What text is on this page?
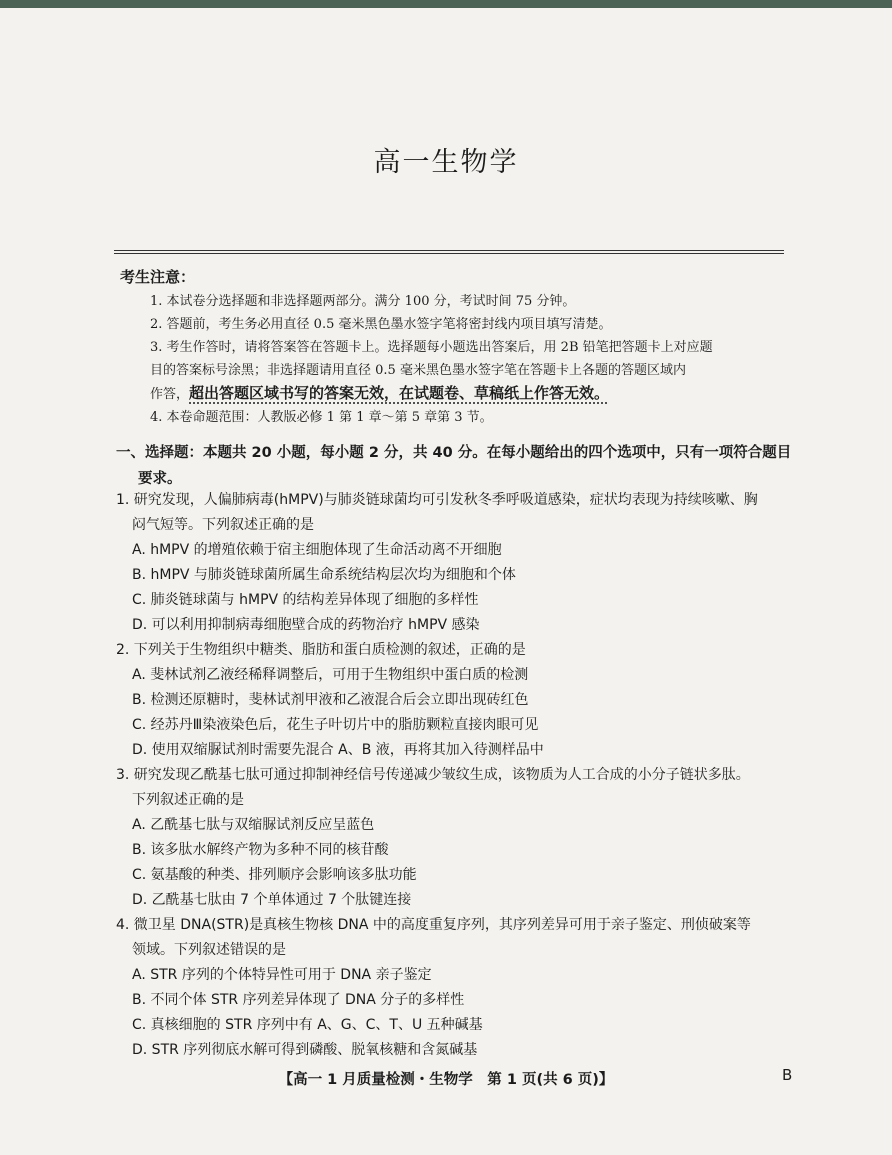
高一生物学
考生注意：

1. 本试卷分选择题和非选择题两部分。满分 100 分，考试时间 75 分钟。

2. 答题前，考生务必用直径 0.5 毫米黑色墨水签字笔将密封线内项目填写清楚。

3. 考生作答时，请将答案答在答题卡上。选择题每小题选出答案后，用 2B 铅笔把答题卡上对应题

目的答案标号涂黑；非选择题请用直径 0.5 毫米黑色墨水签字笔在答题卡上各题的答题区域内

作答，超出答题区域书写的答案无效，在试题卷、草稿纸上作答无效。

4. 本卷命题范围：人教版必修 1 第 1 章～第 5 章第 3 节。

一、选择题：本题共 20 小题，每小题 2 分，共 40 分。在每小题给出的四个选项中，只有一项符合题目
要求。
1. 研究发现，人偏肺病毒(hMPV)与肺炎链球菌均可引发秋冬季呼吸道感染，症状均表现为持续咳嗽、胸
闷气短等。下列叙述正确的是
A. hMPV 的增殖依赖于宿主细胞体现了生命活动离不开细胞
B. hMPV 与肺炎链球菌所属生命系统结构层次均为细胞和个体
C. 肺炎链球菌与 hMPV 的结构差异体现了细胞的多样性
D. 可以利用抑制病毒细胞壁合成的药物治疗 hMPV 感染
2. 下列关于生物组织中糖类、脂肪和蛋白质检测的叙述，正确的是
A. 斐林试剂乙液经稀释调整后，可用于生物组织中蛋白质的检测
B. 检测还原糖时，斐林试剂甲液和乙液混合后会立即出现砖红色
C. 经苏丹Ⅲ染液染色后，花生子叶切片中的脂肪颗粒直接肉眼可见
D. 使用双缩脲试剂时需要先混合 A、B 液，再将其加入待测样品中
3. 研究发现乙酰基七肽可通过抑制神经信号传递减少皱纹生成，该物质为人工合成的小分子链状多肽。
下列叙述正确的是
A. 乙酰基七肽与双缩脲试剂反应呈蓝色
B. 该多肽水解终产物为多种不同的核苷酸
C. 氨基酸的种类、排列顺序会影响该多肽功能
D. 乙酰基七肽由 7 个单体通过 7 个肽键连接
4. 微卫星 DNA(STR)是真核生物核 DNA 中的高度重复序列，其序列差异可用于亲子鉴定、刑侦破案等
领域。下列叙述错误的是
A. STR 序列的个体特异性可用于 DNA 亲子鉴定
B. 不同个体 STR 序列差异体现了 DNA 分子的多样性
C. 真核细胞的 STR 序列中有 A、G、C、T、U 五种碱基
D. STR 序列彻底水解可得到磷酸、脱氧核糖和含氮碱基
【高一 1 月质量检测・生物学　第 1 页(共 6 页)】	B
